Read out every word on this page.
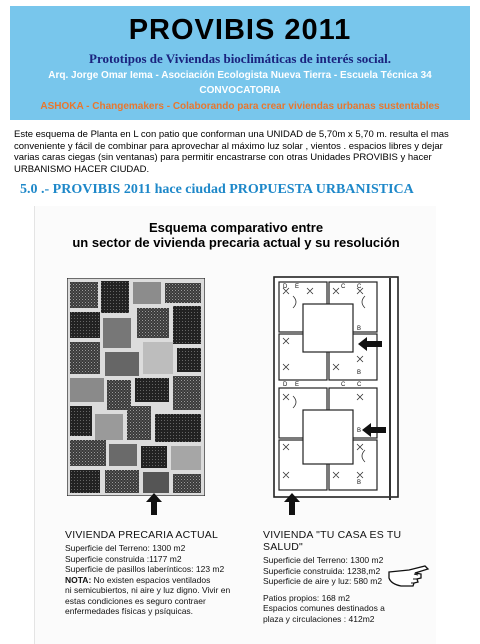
PROVIBIS 2011
Prototipos de Viviendas bioclimáticas de interés social.
Arq. Jorge Omar Iema - Asociación Ecologista Nueva Tierra - Escuela Técnica 34
CONVOCATORIA
ASHOKA - Changemakers - Colaborando para crear viviendas urbanas sustentables
Este esquema de Planta en L con patio que conforman una UNIDAD de 5,70m x 5,70 m. resulta el mas
conveniente y fácil de combinar para aprovechar al máximo luz solar , vientos . espacios libres y dejar
varias caras ciegas (sin ventanas) para permitir encastrarse con otras Unidades PROVIBIS y hacer
URBANISMO HACER CIUDAD.
5.0 .- PROVIBIS 2011 hace ciudad PROPUESTA URBANISTICA
Esquema comparativo entre
un sector de vivienda precaria actual y su resolución
D E	C C
B
B
D E	C C
B
B
VIVIENDA PRECARIA ACTUAL
Superficie del Terreno: 1300 m2
Superficie construida :1177 m2
Superficie de pasillos laberínticos: 123 m2
NOTA: No existen espacios ventilados
ni semicubiertos, ni aire y luz digno. Vivir en
estas condiciones es seguro contraer
enfermedades físicas y psíquicas.
VIVIENDA "TU CASA ES TU SALUD"
Superficie del Terreno: 1300 m2
Superficie construida: 1238,m2
Superficie de aire y luz: 580 m2
Patios propios: 168 m2
Espacios comunes destinados a
plaza y circulaciones : 412m2
